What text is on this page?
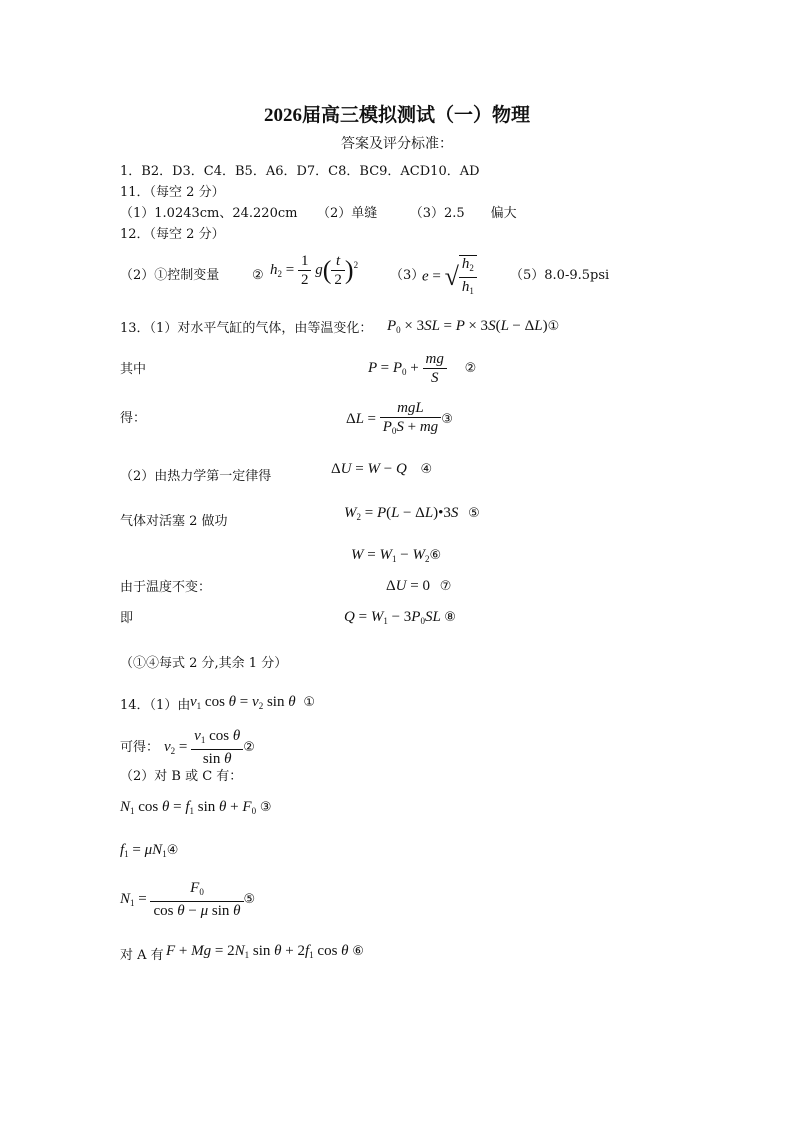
2026届高三模拟测试（一）物理
答案及评分标准：
1．B2．D3．C4．B5．A6．D7．C8．BC9．ACD10．AD
11．（每空 2 分）
（1）1.0243cm、24.220cm　　（2）单缝　　　（3）2.5　　偏大
12．（每空 2 分）
（2）①控制变量	② $h_2 = \frac{1}{2} g( \frac{t}{2} )^2$
（3）
e = √ $\frac{h_2}{h_1}$	（5）8.0-9.5psi
13．（1）对水平气缸的气体，由等温变化： $P_0 \times 3SL = P \times 3S(L$ − ΔL)①
其中	$P = P_0 + \frac{mg}{S}$ ②
得：	$\Delta L = \frac{\text{mgL}}{P_0S + mg}$ ③
（2）由热力学第一定律得	ΔU = W − Q ④
气体对活塞 2 做功
$W_2 = P(L$ − ΔL)•3S ⑤
$W = W_1$ − $W_2⑥$
由于温度不变：	ΔU = 0 ⑦
即	$Q = W_1 - 3P_0SL$ ⑧
（①④每式 2 分,其余 1 分）
14．（1）由 $v_1$ $\cos \theta = v_2$ sin θ ①
可得： $v_2 = \frac{v_1 \cos \theta}{\text{sin θ}}$ ②
（2）对 B 或 C 有：
$N_1$ $\cos \theta = f_1$ $\sin \theta + F_0$ ③
$f_1$ = $\mu N_1④$
$N_1 = \frac{F_0}{\text{cos θ − μ sin θ}}$ ⑤
对 A 有 $F + Mg = 2N_1$ $\sin \theta + 2f_1$ cos θ ⑥
